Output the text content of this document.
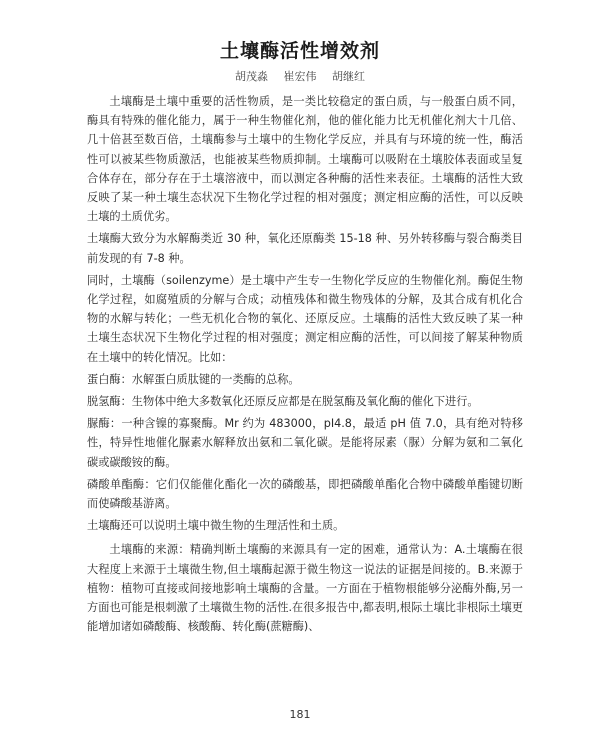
土壤酶活性增效剂
胡茂淼 崔宏伟 胡继红

土壤酶是土壤中重要的活性物质，是一类比较稳定的蛋白质，与一般蛋白质不同，酶具有特殊的催化能力，属于一种生物催化剂，他的催化能力比无机催化剂大十几倍、几十倍甚至数百倍，土壤酶参与土壤中的生物化学反应，并具有与环境的统一性，酶活性可以被某些物质激活，也能被某些物质抑制。土壤酶可以吸附在土壤胶体表面或呈复合体存在，部分存在于土壤溶液中，而以测定各种酶的活性来表征。土壤酶的活性大致反映了某一种土壤生态状况下生物化学过程的相对强度；测定相应酶的活性，可以反映土壤的土质优劣。

土壤酶大致分为水解酶类近 30 种，氧化还原酶类 15-18 种、另外转移酶与裂合酶类目前发现的有 7-8 种。

同时，土壤酶（soilenzyme）是土壤中产生专一生物化学反应的生物催化剂。酶促生物化学过程，如腐殖质的分解与合成；动植残体和微生物残体的分解，及其合成有机化合物的水解与转化；一些无机化合物的氧化、还原反应。土壤酶的活性大致反映了某一种土壤生态状况下生物化学过程的相对强度；测定相应酶的活性，可以间接了解某种物质在土壤中的转化情况。比如：

蛋白酶：水解蛋白质肽键的一类酶的总称。

脱氢酶：生物体中绝大多数氧化还原反应都是在脱氢酶及氧化酶的催化下进行。

脲酶：一种含镍的寡聚酶。Mr 约为 483000，pI4.8，最适 pH 值 7.0，具有绝对特移性，特异性地催化脲素水解释放出氨和二氧化碳。是能将尿素（脲）分解为氨和二氧化碳或碳酸铵的酶。

磷酸单酯酶：它们仅能催化酯化一次的磷酸基，即把磷酸单酯化合物中磷酸单酯键切断而使磷酸基游离。

土壤酶还可以说明土壤中微生物的生理活性和土质。

土壤酶的来源：精确判断土壤酶的来源具有一定的困难，通常认为：A.土壤酶在很大程度上来源于土壤微生物,但土壤酶起源于微生物这一说法的证据是间接的。B.来源于植物：植物可直接或间接地影响土壤酶的含量。一方面在于植物根能够分泌酶外酶,另一方面也可能是根刺激了土壤微生物的活性.在很多报告中,都表明,根际土壤比非根际土壤更能增加诸如磷酸酶、核酸酶、转化酶(蔗糖酶)、

181
